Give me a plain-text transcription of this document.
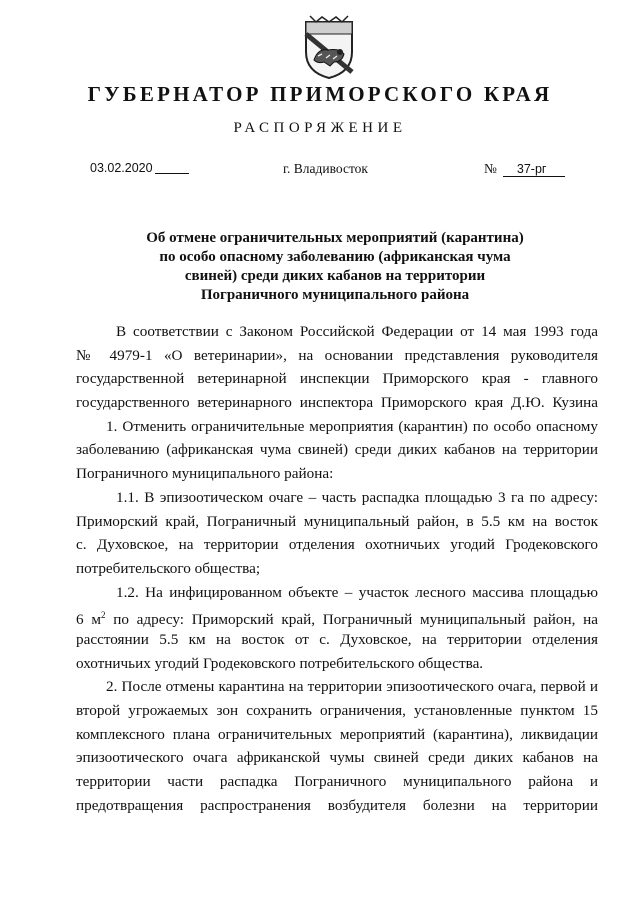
ГУБЕРНАТОР ПРИМОРСКОГО КРАЯ
РАСПОРЯЖЕНИЕ
03.02.2020	г. Владивосток	№ 37-рг
Об отмене ограничительных мероприятий (карантина)
по особо опасному заболеванию (африканская чума
свиней) среди диких кабанов на территории
Пограничного муниципального района
В соответствии с Законом Российской Федерации от 14 мая 1993 года
№ 4979-1 «О ветеринарии», на основании представления руководителя
государственной ветеринарной инспекции Приморского края - главного
государственного ветеринарного инспектора Приморского края Д.Ю. Кузина
1. Отменить ограничительные мероприятия (карантин) по особо опасному
заболеванию (африканская чума свиней) среди диких кабанов на территории
Пограничного муниципального района:
1.1. В эпизоотическом очаге – часть распадка площадью 3 га по адресу:
Приморский край, Пограничный муниципальный район, в 5.5 км на восток
с. Духовское, на территории отделения охотничьих угодий Гродековского
потребительского общества;
1.2. На инфицированном объекте – участок лесного массива площадью
6 $м^2$ по адресу: Приморский край, Пограничный муниципальный район, на
расстоянии 5.5 км на восток от с. Духовское, на территории отделения
охотничьих угодий Гродековского потребительского общества.
2. После отмены карантина на территории эпизоотического очага, первой и
второй угрожаемых зон сохранить ограничения, установленные пунктом 15
комплексного плана ограничительных мероприятий (карантина), ликвидации
эпизоотического очага африканской чумы свиней среди диких кабанов на
территории части распадка Пограничного муниципального района и
предотвращения распространения возбудителя болезни на территории
